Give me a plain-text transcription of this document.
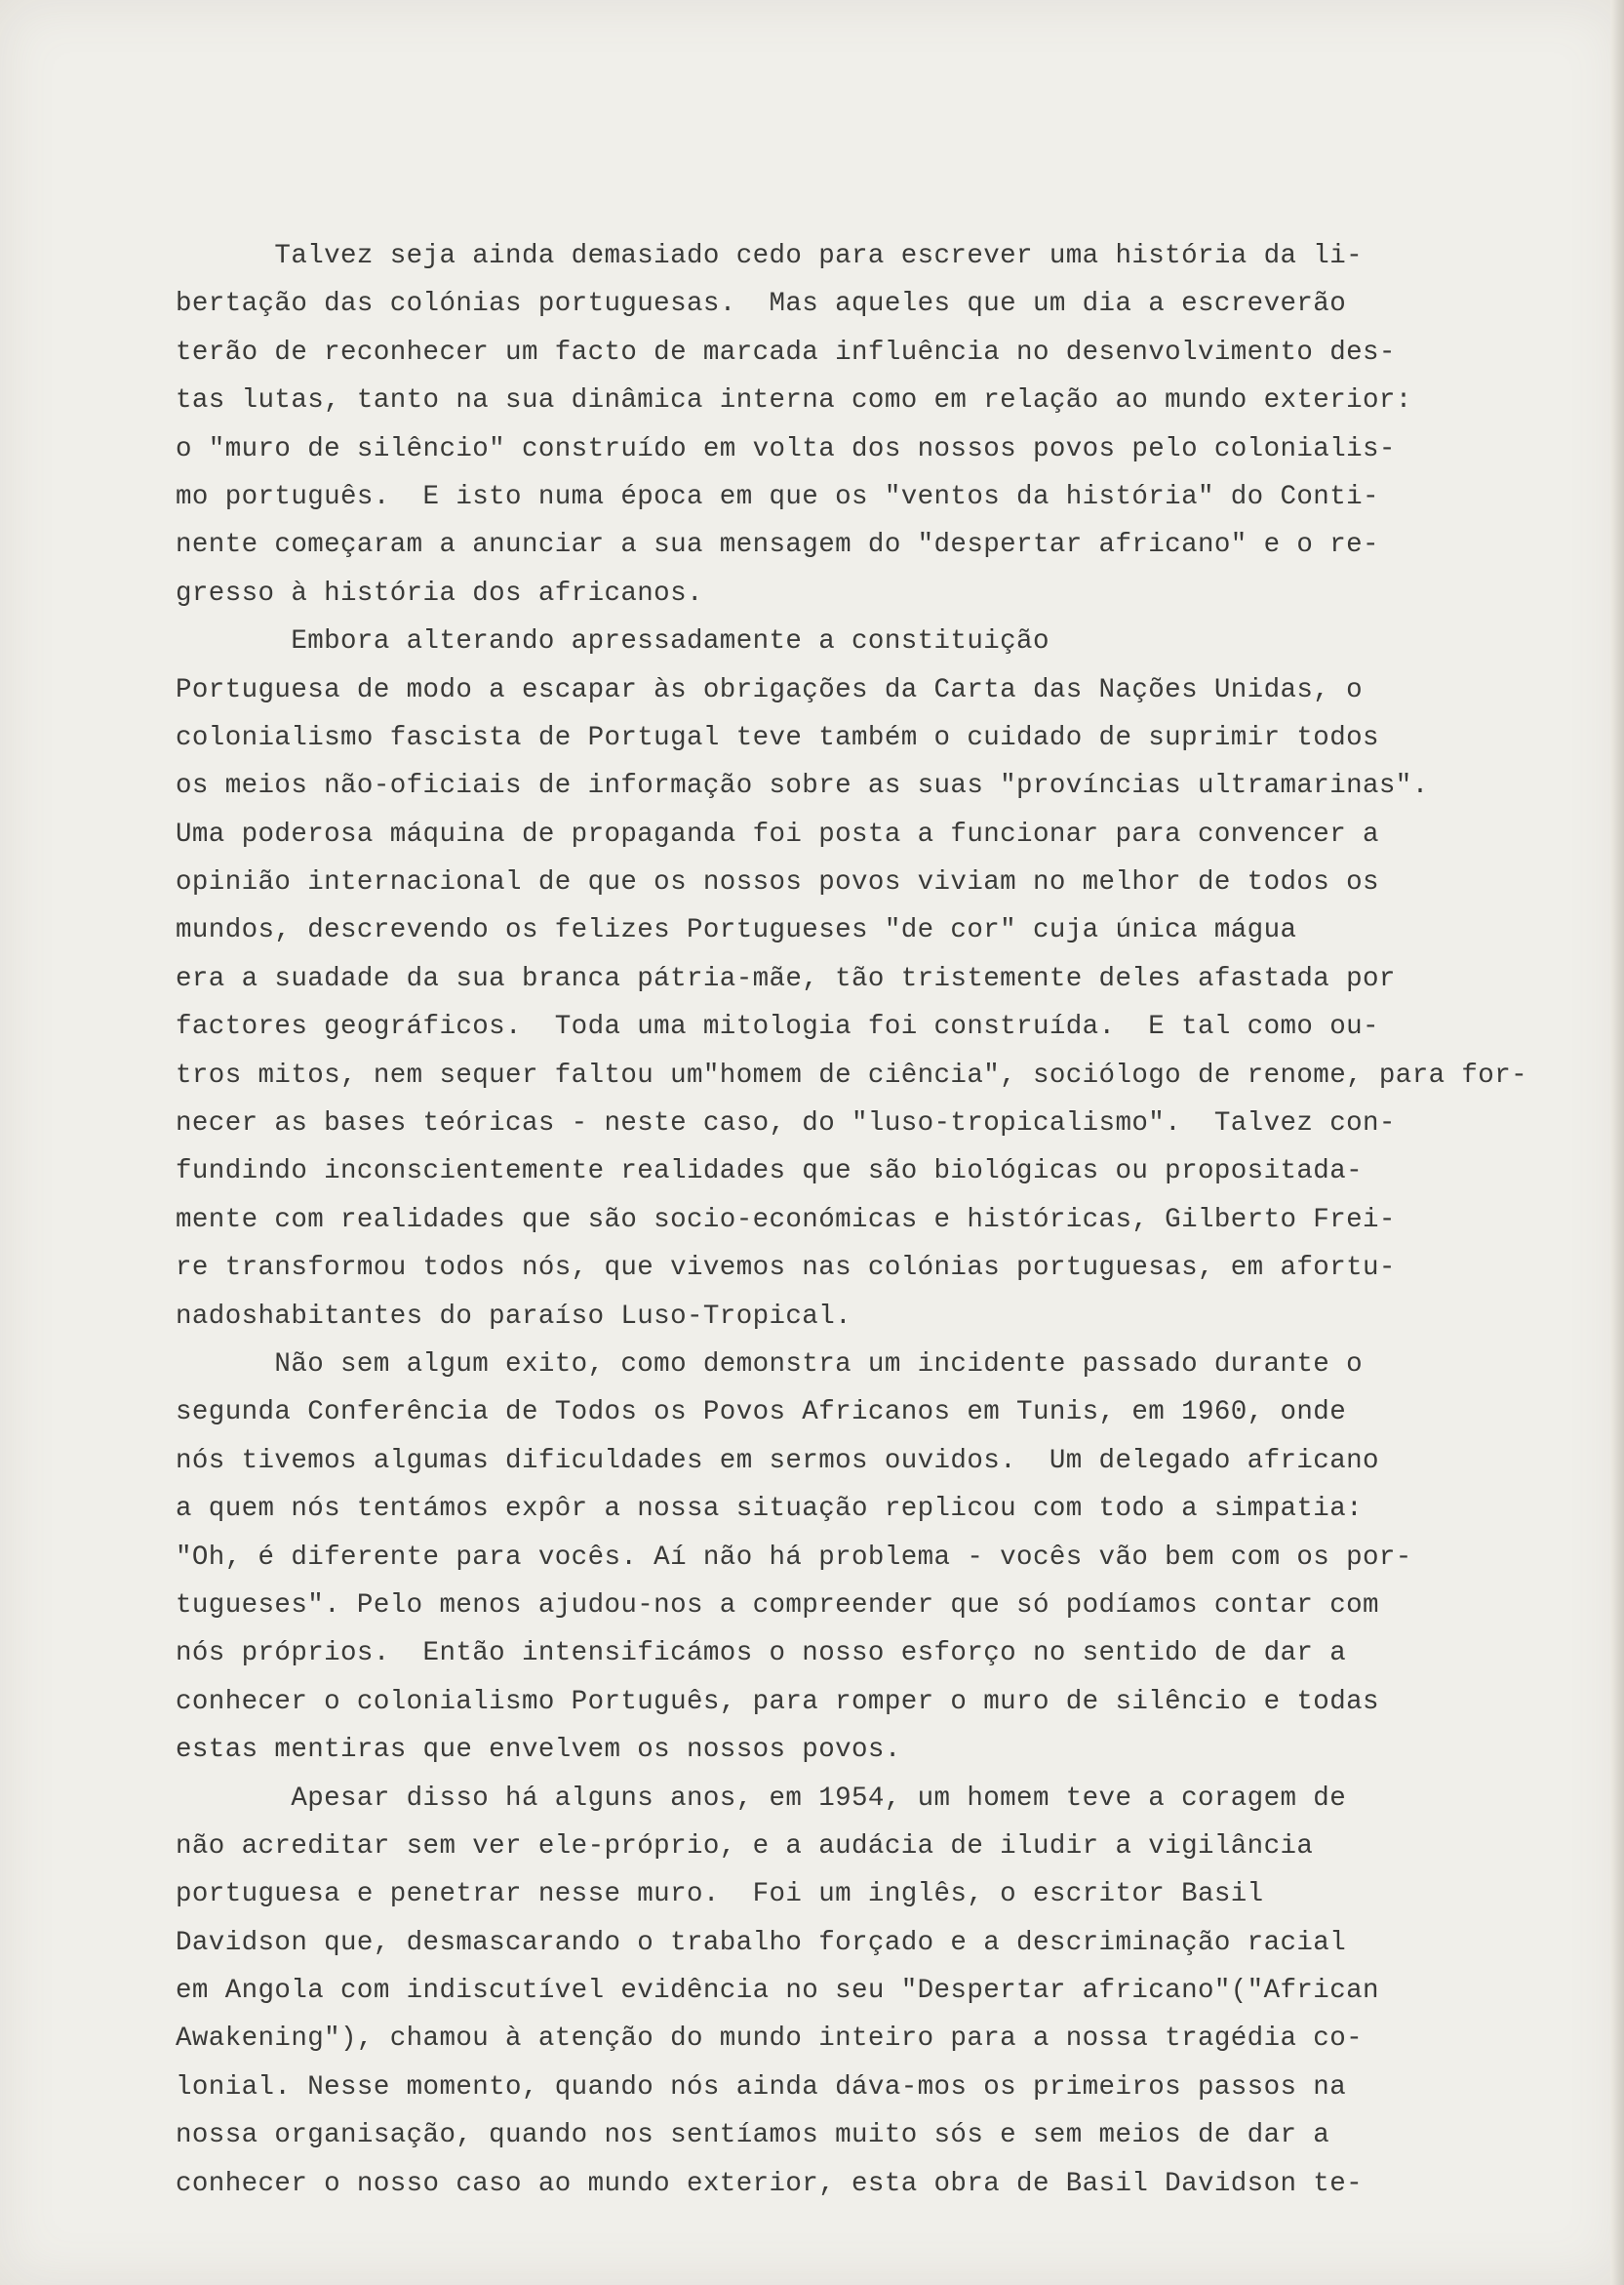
Talvez seja ainda demasiado cedo para escrever uma história da li-
bertação das colónias portuguesas.  Mas aqueles que um dia a escreverão
terão de reconhecer um facto de marcada influência no desenvolvimento des-
tas lutas, tanto na sua dinâmica interna como em relação ao mundo exterior:
o "muro de silêncio" construído em volta dos nossos povos pelo colonialis-
mo português.  E isto numa época em que os "ventos da história" do Conti-
nente começaram a anunciar a sua mensagem do "despertar africano" e o re-
gresso à história dos africanos.
Embora alterando apressadamente a constituição
Portuguesa de modo a escapar às obrigações da Carta das Nações Unidas, o
colonialismo fascista de Portugal teve também o cuidado de suprimir todos
os meios não-oficiais de informação sobre as suas "províncias ultramarinas".
Uma poderosa máquina de propaganda foi posta a funcionar para convencer a
opinião internacional de que os nossos povos viviam no melhor de todos os
mundos, descrevendo os felizes Portugueses "de cor" cuja única mágua
era a suadade da sua branca pátria-mãe, tão tristemente deles afastada por
factores geográficos.  Toda uma mitologia foi construída.  E tal como ou-
tros mitos, nem sequer faltou um"homem de ciência", sociólogo de renome, para for-
necer as bases teóricas - neste caso, do "luso-tropicalismo".  Talvez con-
fundindo inconscientemente realidades que são biológicas ou propositada-
mente com realidades que são socio-económicas e históricas, Gilberto Frei-
re transformou todos nós, que vivemos nas colónias portuguesas, em afortu-
nadoshabitantes do paraíso Luso-Tropical.
Não sem algum exito, como demonstra um incidente passado durante o
segunda Conferência de Todos os Povos Africanos em Tunis, em 1960, onde
nós tivemos algumas dificuldades em sermos ouvidos.  Um delegado africano
a quem nós tentámos expôr a nossa situação replicou com todo a simpatia:
"Oh, é diferente para vocês. Aí não há problema - vocês vão bem com os por-
tugueses". Pelo menos ajudou-nos a compreender que só podíamos contar com
nós próprios.  Então intensificámos o nosso esforço no sentido de dar a
conhecer o colonialismo Português, para romper o muro de silêncio e todas
estas mentiras que envelvem os nossos povos.
Apesar disso há alguns anos, em 1954, um homem teve a coragem de
não acreditar sem ver ele-próprio, e a audácia de iludir a vigilância
portuguesa e penetrar nesse muro.  Foi um inglês, o escritor Basil
Davidson que, desmascarando o trabalho forçado e a descriminação racial
em Angola com indiscutível evidência no seu "Despertar africano"("African
Awakening"), chamou à atenção do mundo inteiro para a nossa tragédia co-
lonial. Nesse momento, quando nós ainda dáva-mos os primeiros passos na
nossa organisação, quando nos sentíamos muito sós e sem meios de dar a
conhecer o nosso caso ao mundo exterior, esta obra de Basil Davidson te-
